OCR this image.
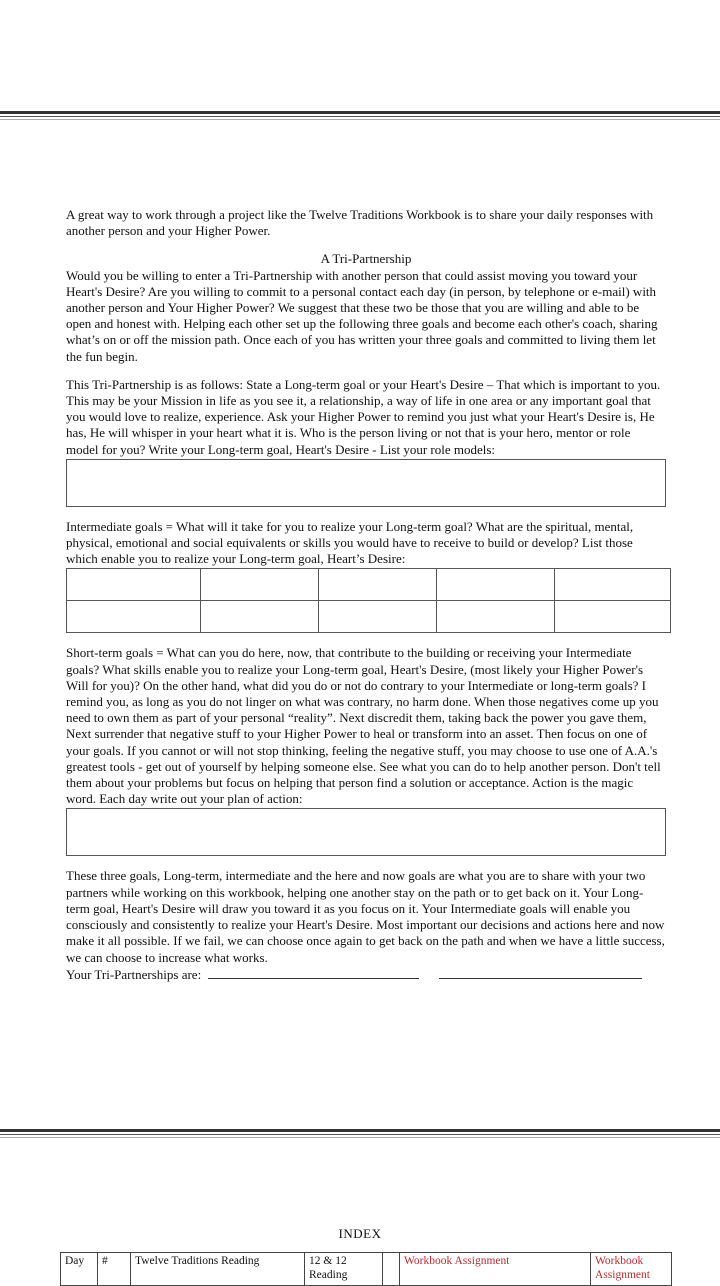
A great way to work through a project like the Twelve Traditions Workbook is to share your daily responses with another person and your Higher Power.

A Tri-Partnership

Would you be willing to enter a Tri-Partnership with another person that could assist moving you toward your Heart's Desire? Are you willing to commit to a personal contact each day (in person, by telephone or e-mail) with another person and Your Higher Power? We suggest that these two be those that you are willing and able to be open and honest with. Helping each other set up the following three goals and become each other's coach, sharing what’s on or off the mission path. Once each of you has written your three goals and committed to living them let the fun begin.

This Tri-Partnership is as follows: State a Long-term goal or your Heart's Desire – That which is important to you. This may be your Mission in life as you see it, a relationship, a way of life in one area or any important goal that you would love to realize, experience. Ask your Higher Power to remind you just what your Heart's Desire is, He has, He will whisper in your heart what it is. Who is the person living or not that is your hero, mentor or role model for you? Write your Long-term goal, Heart's Desire - List your role models:

Intermediate goals = What will it take for you to realize your Long-term goal? What are the spiritual, mental, physical, emotional and social equivalents or skills you would have to receive to build or develop? List those which enable you to realize your Long-term goal, Heart’s Desire:

Short-term goals = What can you do here, now, that contribute to the building or receiving your Intermediate goals? What skills enable you to realize your Long-term goal, Heart's Desire, (most likely your Higher Power's Will for you)? On the other hand, what did you do or not do contrary to your Intermediate or long-term goals? I remind you, as long as you do not linger on what was contrary, no harm done. When those negatives come up you need to own them as part of your personal “reality”. Next discredit them, taking back the power you gave them, Next surrender that negative stuff to your Higher Power to heal or transform into an asset. Then focus on one of your goals. If you cannot or will not stop thinking, feeling the negative stuff, you may choose to use one of A.A.'s greatest tools - get out of yourself by helping someone else. See what you can do to help another person. Don't tell them about your problems but focus on helping that person find a solution or acceptance. Action is the magic word. Each day write out your plan of action:

These three goals, Long-term, intermediate and the here and now goals are what you are to share with your two partners while working on this workbook, helping one another stay on the path or to get back on it. Your Long-term goal, Heart's Desire will draw you toward it as you focus on it. Your Intermediate goals will enable you consciously and consistently to realize your Heart's Desire. Most important our decisions and actions here and now make it all possible. If we fail, we can choose once again to get back on the path and when we have a little success, we can choose to increase what works.

Your Tri-Partnerships are:

INDEX
Day	#	Twelve Traditions Reading	12 & 12 Reading		Workbook Assignment	Workbook Assignment
